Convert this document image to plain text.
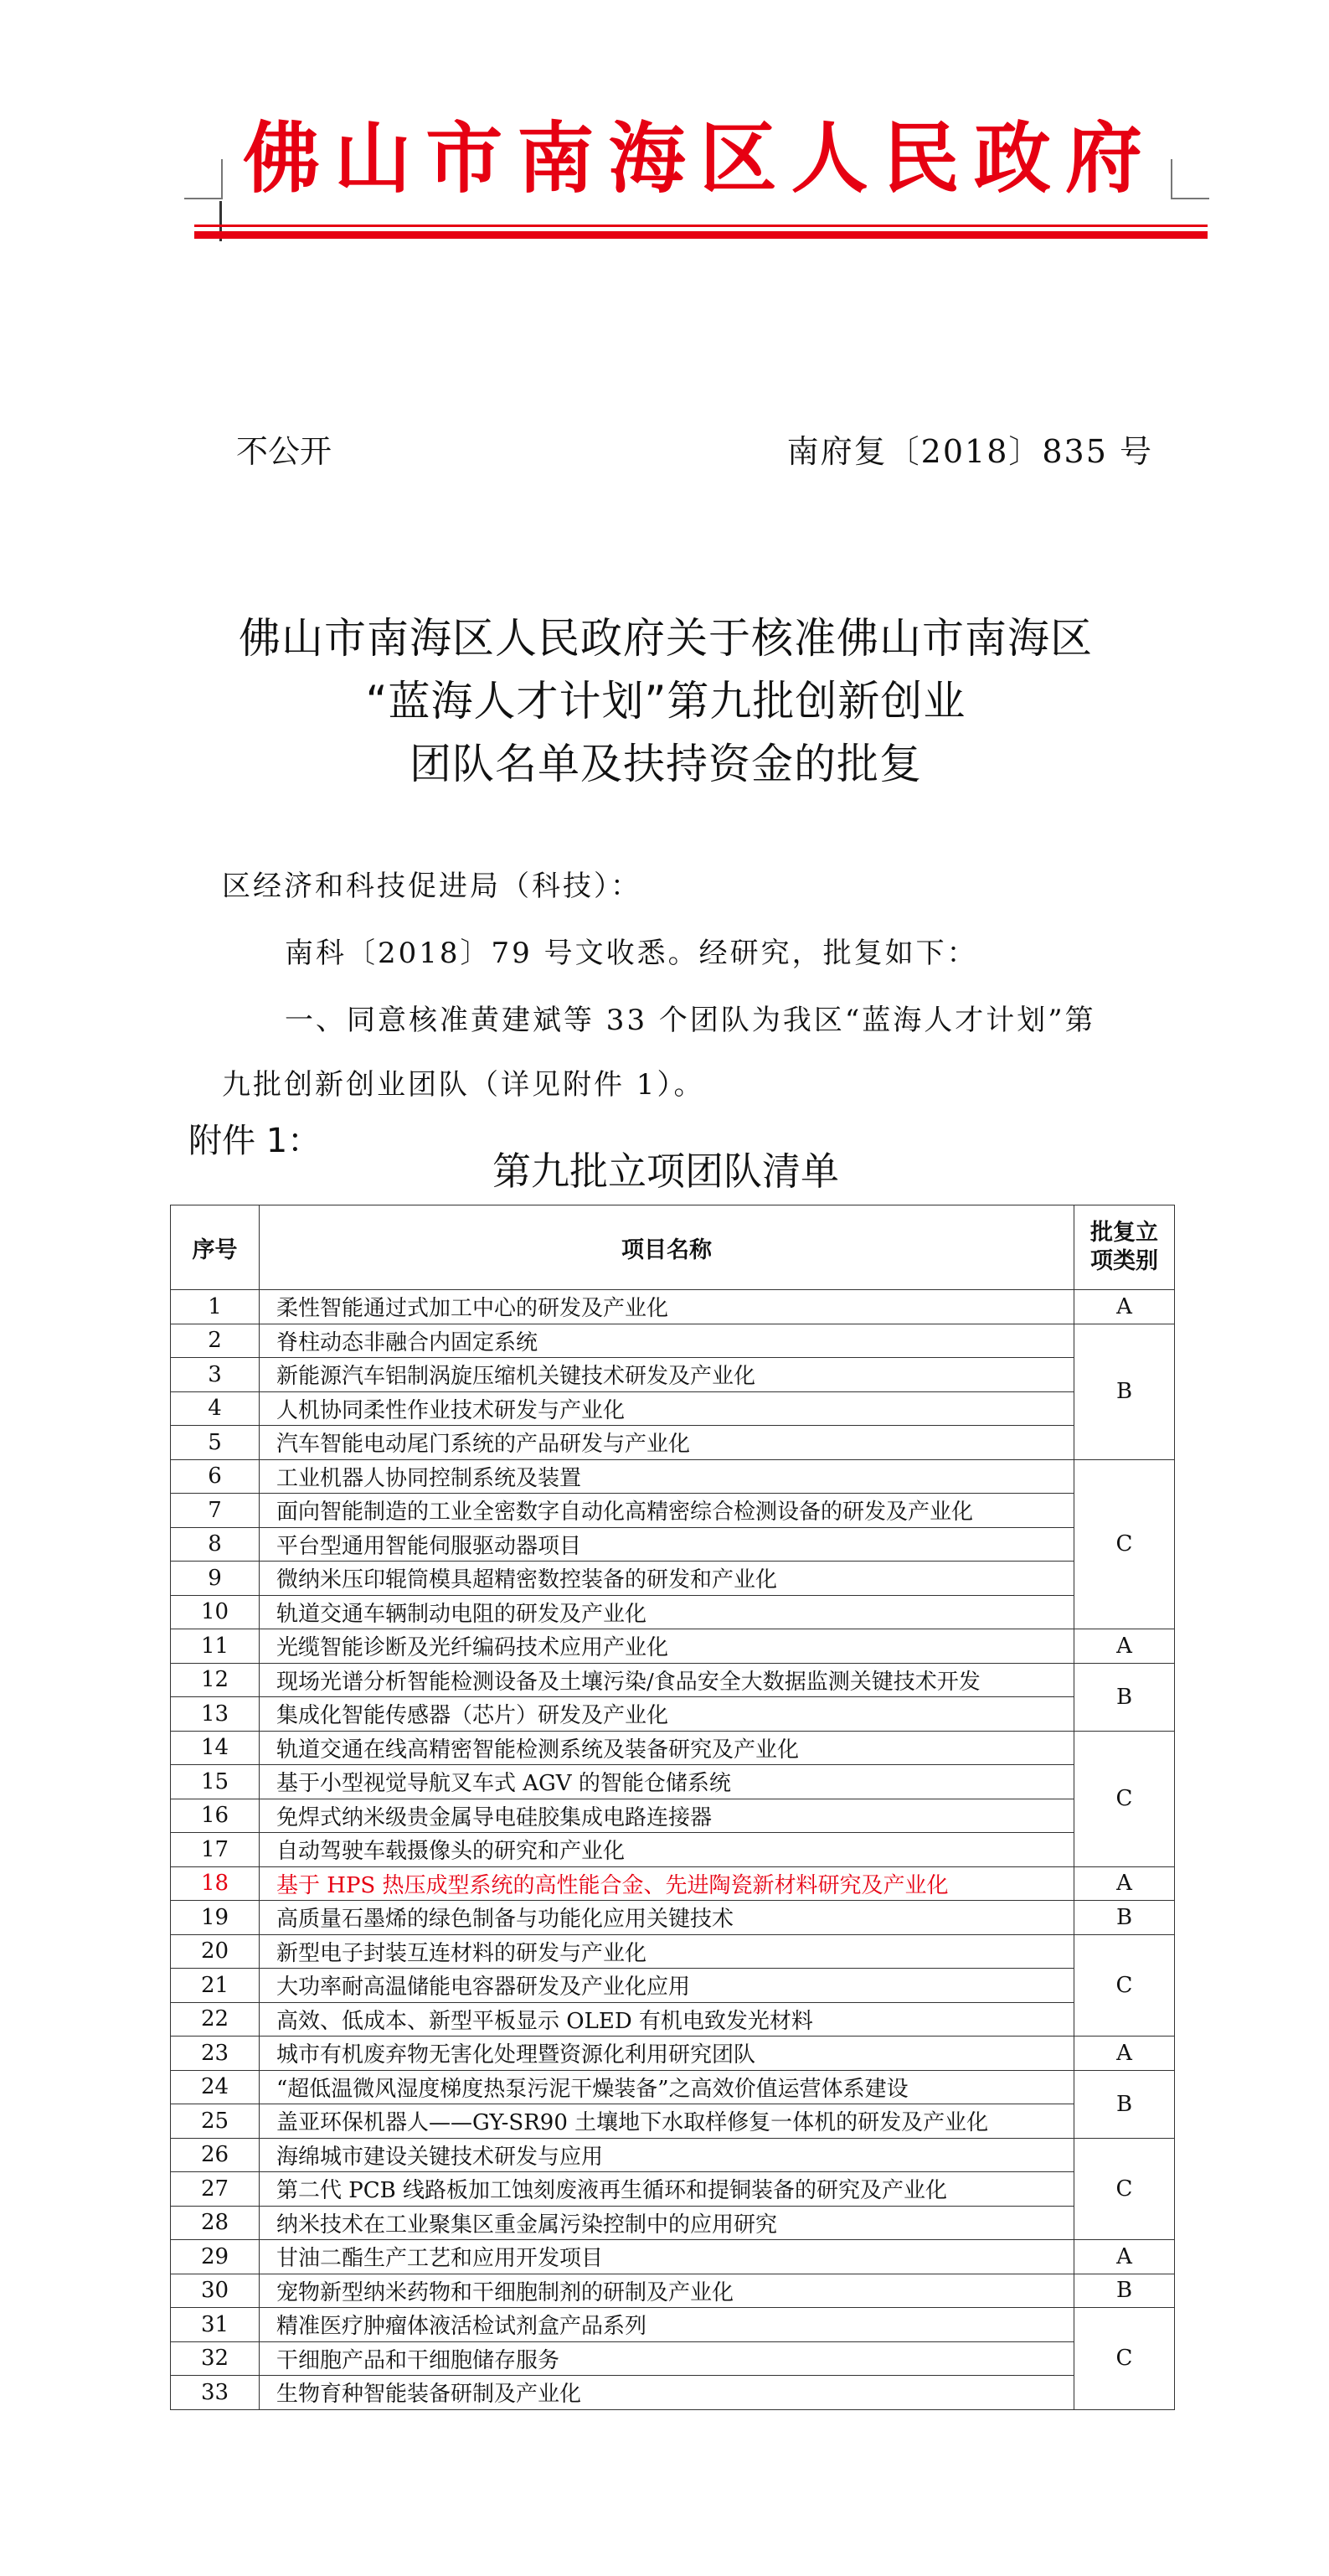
佛山市南海区人民政府
不公开	南府复〔2018〕835 号
佛山市南海区人民政府关于核准佛山市南海区
“蓝海人才计划”第九批创新创业
团队名单及扶持资金的批复
区经济和科技促进局（科技）：
南科〔2018〕79 号文收悉。经研究，批复如下：
一、同意核准黄建斌等 33 个团队为我区“蓝海人才计划”第
九批创新创业团队（详见附件 1）。
附件 1：
第九批立项团队清单
序号	项目名称	批复立
项类别

1	柔性智能通过式加工中心的研发及产业化	A
2	脊柱动态非融合内固定系统	B
3	新能源汽车铝制涡旋压缩机关键技术研发及产业化	
4	人机协同柔性作业技术研发与产业化	
5	汽车智能电动尾门系统的产品研发与产业化	
6	工业机器人协同控制系统及装置	C
7	面向智能制造的工业全密数字自动化高精密综合检测设备的研发及产业化	
8	平台型通用智能伺服驱动器项目	
9	微纳米压印辊筒模具超精密数控装备的研发和产业化	
10	轨道交通车辆制动电阻的研发及产业化	
11	光缆智能诊断及光纤编码技术应用产业化	A
12	现场光谱分析智能检测设备及土壤污染/食品安全大数据监测关键技术开发	B
13	集成化智能传感器（芯片）研发及产业化	
14	轨道交通在线高精密智能检测系统及装备研究及产业化	C
15	基于小型视觉导航叉车式 AGV 的智能仓储系统	
16	免焊式纳米级贵金属导电硅胶集成电路连接器	
17	自动驾驶车载摄像头的研究和产业化	
18	基于 HPS 热压成型系统的高性能合金、先进陶瓷新材料研究及产业化	A
19	高质量石墨烯的绿色制备与功能化应用关键技术	B
20	新型电子封装互连材料的研发与产业化	C
21	大功率耐高温储能电容器研发及产业化应用	
22	高效、低成本、新型平板显示 OLED 有机电致发光材料	
23	城市有机废弃物无害化处理暨资源化利用研究团队	A
24	“超低温微风湿度梯度热泵污泥干燥装备”之高效价值运营体系建设	B
25	盖亚环保机器人——GY-SR90 土壤地下水取样修复一体机的研发及产业化	
26	海绵城市建设关键技术研发与应用	C
27	第二代 PCB 线路板加工蚀刻废液再生循环和提铜装备的研究及产业化	
28	纳米技术在工业聚集区重金属污染控制中的应用研究	
29	甘油二酯生产工艺和应用开发项目	A
30	宠物新型纳米药物和干细胞制剂的研制及产业化	B
31	精准医疗肿瘤体液活检试剂盒产品系列	C
32	干细胞产品和干细胞储存服务	
33	生物育种智能装备研制及产业化	
